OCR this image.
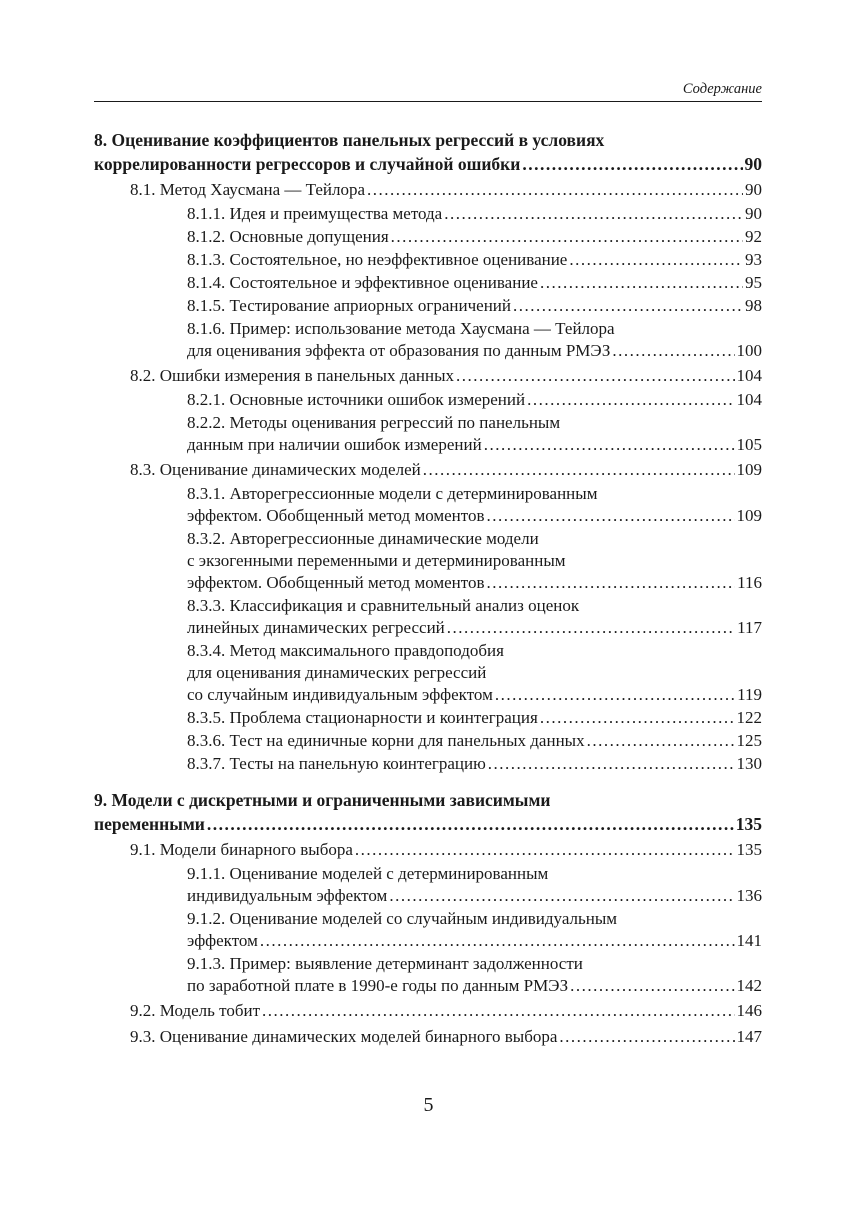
Содержание
8. Оценивание коэффициентов панельных регрессий в условиях
коррелированности регрессоров и случайной ошибки .....	90
8.1. Метод Хаусмана — Тейлора .....	90
8.1.1. Идея и преимущества метода .....	90
8.1.2. Основные допущения .....	92
8.1.3. Состоятельное, но неэффективное оценивание .....	93
8.1.4. Состоятельное и эффективное оценивание .....	95
8.1.5. Тестирование априорных ограничений .....	98
8.1.6. Пример: использование метода Хаусмана — Тейлора
для оценивания эффекта от образования по данным РМЭЗ .....	100
8.2. Ошибки измерения в панельных данных .....	104
8.2.1. Основные источники ошибок измерений .....	104
8.2.2. Методы оценивания регрессий по панельным
данным при наличии ошибок измерений .....	105
8.3. Оценивание динамических моделей .....	109
8.3.1. Авторегрессионные модели с детерминированным
эффектом. Обобщенный метод моментов .....	109
8.3.2. Авторегрессионные динамические модели
с экзогенными переменными и детерминированным
эффектом. Обобщенный метод моментов .....	116
8.3.3. Классификация и сравнительный анализ оценок
линейных динамических регрессий .....	117
8.3.4. Метод максимального правдоподобия
для оценивания динамических регрессий
со случайным индивидуальным эффектом .....	119
8.3.5. Проблема стационарности и коинтеграция .....	122
8.3.6. Тест на единичные корни для панельных данных .....	125
8.3.7. Тесты на панельную коинтеграцию .....	130
9. Модели с дискретными и ограниченными зависимыми
переменными .....	135
9.1. Модели бинарного выбора .....	135
9.1.1. Оценивание моделей с детерминированным
индивидуальным эффектом .....	136
9.1.2. Оценивание моделей со случайным индивидуальным
эффектом .....	141
9.1.3. Пример: выявление детерминант задолженности
по заработной плате в 1990-е годы по данным РМЭЗ .....	142
9.2. Модель тобит .....	146
9.3. Оценивание динамических моделей бинарного выбора .....	147
5
